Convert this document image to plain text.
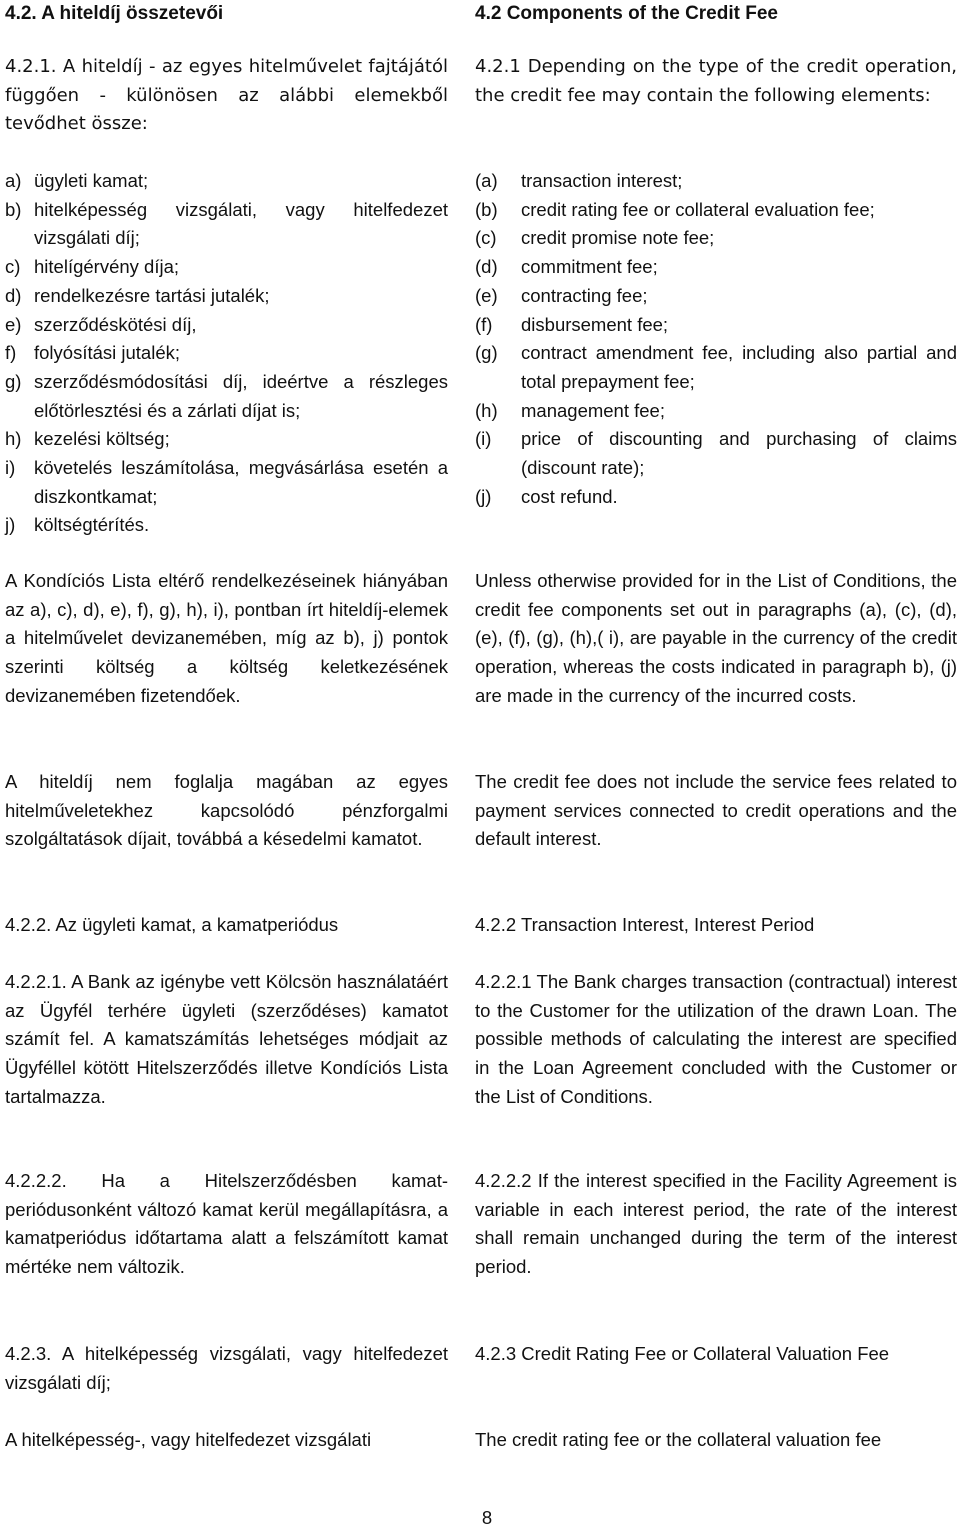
4.2. A hiteldíj összetevői

4.2.1. A hiteldíj - az egyes hitelművelet fajtájától függően - különösen az alábbi elemekből tevődhet össze:

a) ügyleti kamat;
b) hitelképesség vizsgálati, vagy hitelfedezet vizsgálati díj;
c) hitelígérvény díja;
d) rendelkezésre tartási jutalék;
e) szerződéskötési díj,
f) folyósítási jutalék;
g) szerződésmódosítási díj, ideértve a részleges előtörlesztési és a zárlati díjat is;
h) kezelési költség;
i)	követelés leszámítolása, megvásárlása esetén a diszkontkamat;
j)	költségtérítés.

A Kondíciós Lista eltérő rendelkezéseinek hiányában az a), c), d), e), f), g), h), i), pontban írt hiteldíj-elemek a hitelművelet devizanemében, míg az b), j) pontok szerinti költség a költség keletkezésének devizanemében fizetendőek.

A hiteldíj nem foglalja magában az egyes hitelműveletekhez kapcsolódó pénzforgalmi szolgáltatások díjait, továbbá a késedelmi kamatot.

4.2.2. Az ügyleti kamat, a kamatperiódus

4.2.2.1. A Bank az igénybe vett Kölcsön használatáért az Ügyfél terhére ügyleti (szerződéses) kamatot számít fel. A kamatszámítás lehetséges módjait az Ügyféllel kötött Hitelszerződés illetve Kondíciós Lista tartalmazza.

4.2.2.2. Ha a Hitelszerződésben kamat-periódusonként változó kamat kerül megállapításra, a kamatperiódus időtartama alatt a felszámított kamat mértéke nem változik.

4.2.3. A hitelképesség vizsgálati, vagy hitelfedezet vizsgálati díj;

A hitelképesség-, vagy hitelfedezet vizsgálati

4.2 Components of the Credit Fee

4.2.1 Depending on the type of the credit operation, the credit fee may contain the following elements:

(a)	transaction interest;
(b)	credit rating fee or collateral evaluation fee;
(c)	credit promise note fee;
(d)	commitment fee;
(e)	contracting fee;
(f)	disbursement fee;
(g)	contract amendment fee, including also partial and total prepayment fee;
(h)	management fee;
(i)	price of discounting and purchasing of claims (discount rate);
(j)	cost refund.

Unless otherwise provided for in the List of Conditions, the credit fee components set out in paragraphs (a), (c), (d), (e), (f), (g), (h),( i), are payable in the currency of the credit operation, whereas the costs indicated in paragraph b), (j) are made in the currency of the incurred costs.

The credit fee does not include the service fees related to payment services connected to credit operations and the default interest.

4.2.2 Transaction Interest, Interest Period

4.2.2.1 The Bank charges transaction (contractual) interest to the Customer for the utilization of the drawn Loan. The possible methods of calculating the interest are specified in the Loan Agreement concluded with the Customer or the List of Conditions.

4.2.2.2 If the interest specified in the Facility Agreement is variable in each interest period, the rate of the interest shall remain unchanged during the term of the interest period.

4.2.3 Credit Rating Fee or Collateral Valuation Fee

The credit rating fee or the collateral valuation fee

8
